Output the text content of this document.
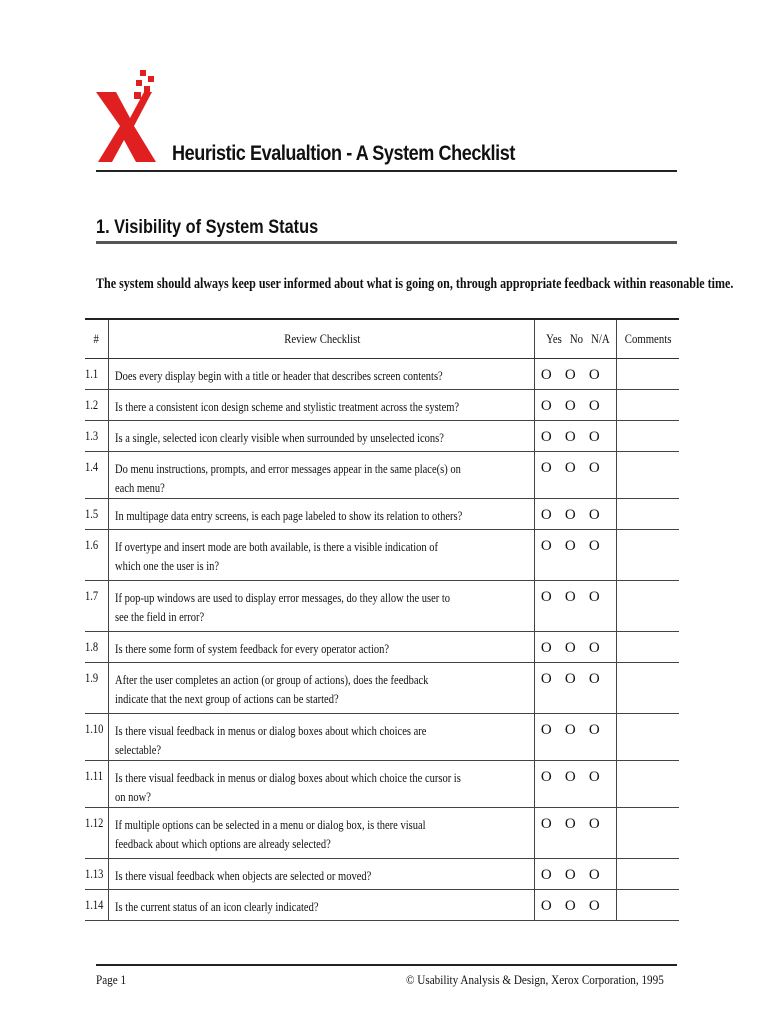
Heuristic Evalualtion - A System Checklist
1. Visibility of System Status
The system should always keep user informed about what is going on, through appropriate feedback within reasonable time.
#	Review Checklist	Yes No N/A	Comments
1.1	Does every display begin with a title or header that describes screen contents?	O O O	

1.2	Is there a consistent icon design scheme and stylistic treatment across the system?	O O O	

1.3	Is a single, selected icon clearly visible when surrounded by unselected icons?	O O O	

1.4	Do menu instructions, prompts, and error messages appear in the same place(s) on each menu?	O O O	

1.5	In multipage data entry screens, is each page labeled to show its relation to others?	O O O	

1.6	If overtype and insert mode are both available, is there a visible indication of which one the user is in?	O O O	

1.7	If pop-up windows are used to display error messages, do they allow the user to see the field in error?	O O O	

1.8	Is there some form of system feedback for every operator action?	O O O	

1.9	After the user completes an action (or group of actions), does the feedback indicate that the next group of actions can be started?	O O O	

1.10	Is there visual feedback in menus or dialog boxes about which choices are selectable?	O O O	

1.11	Is there visual feedback in menus or dialog boxes about which choice the cursor is on now?	O O O	

1.12	If multiple options can be selected in a menu or dialog box, is there visual feedback about which options are already selected?	O O O	

1.13	Is there visual feedback when objects are selected or moved?	O O O	

1.14	Is the current status of an icon clearly indicated?	O O O	

Page 1	© Usability Analysis & Design, Xerox Corporation, 1995
